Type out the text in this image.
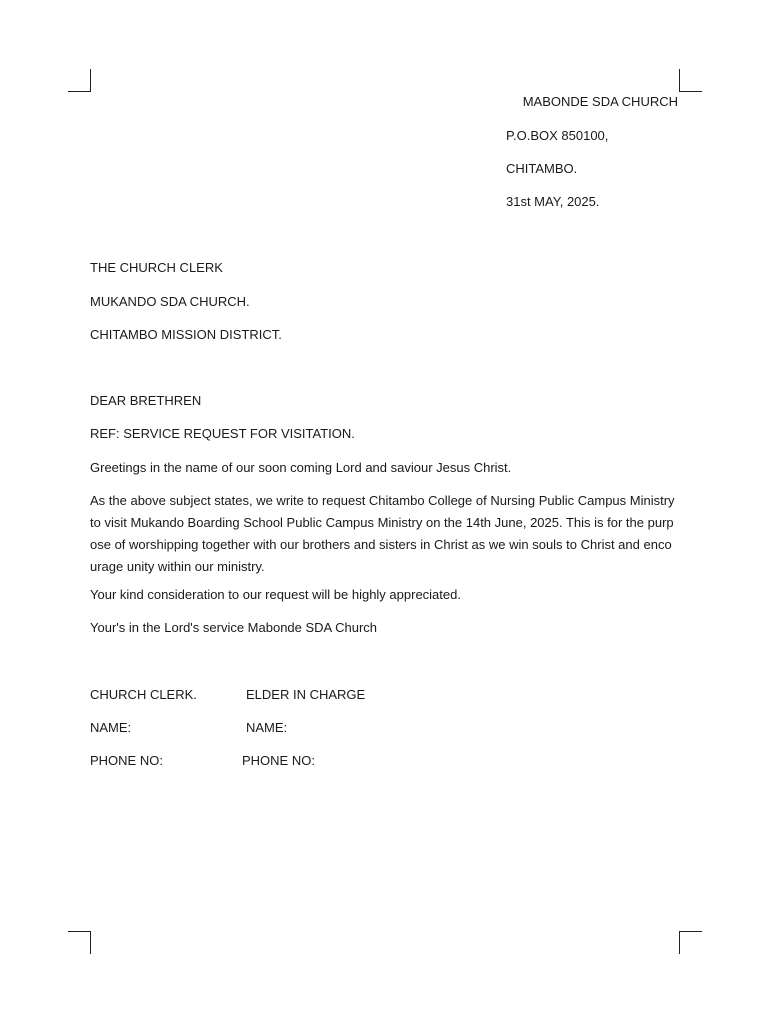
MABONDE SDA CHURCH

P.O.BOX 850100,

CHITAMBO.

31st MAY, 2025.

THE CHURCH CLERK

MUKANDO SDA CHURCH.

CHITAMBO MISSION DISTRICT.

DEAR BRETHREN

REF: SERVICE REQUEST FOR VISITATION.

Greetings in the name of our soon coming Lord and saviour Jesus Christ.

As the above subject states, we write to request Chitambo College of Nursing Public Campus Ministry to visit Mukando Boarding School Public Campus Ministry on the 14th June, 2025. This is for the purpose of worshipping together with our brothers and sisters in Christ as we win souls to Christ and encourage unity within our ministry.

Your kind consideration to our request will be highly appreciated.

Your's in the Lord's service Mabonde SDA Church

CHURCH CLERK.	ELDER IN CHARGE

NAME:	NAME:

PHONE NO:	PHONE NO:
